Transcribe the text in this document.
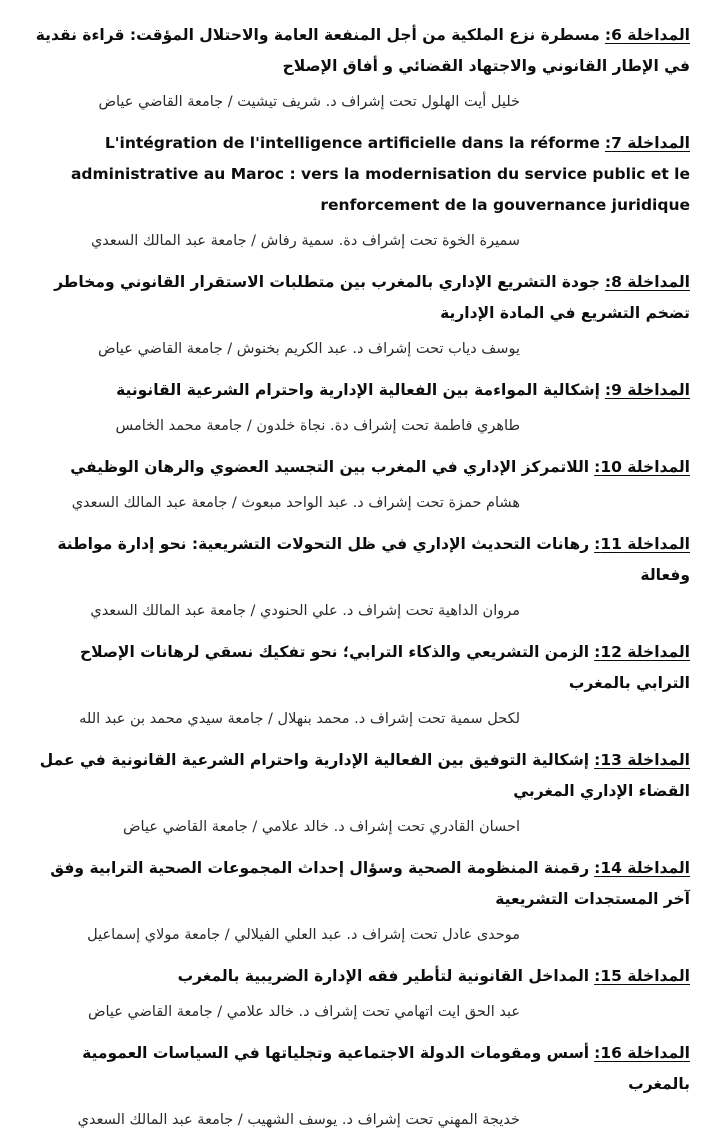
المداخلة 6:مسطرة نزع الملكية من أجل المنفعة العامة والاحتلال المؤقت: قراءة نقدية في الإطار القانوني والاجتهاد القضائي و أفاق الإصلاح

خليل أيت الهلول تحت إشراف د. شريف تيشيت / جامعة القاضي عياض

المداخلة 7:L'intégration de l'intelligence artificielle dans la réforme administrative au Maroc : vers la modernisation du service public et le renforcement de la gouvernance juridique

سميرة الخوة تحت إشراف دة. سمية رفاش / جامعة عبد المالك السعدي

المداخلة 8:جودة التشريع الإداري بالمغرب بين متطلبات الاستقرار القانوني ومخاطر تضخم التشريع في المادة الإدارية

يوسف دياب تحت إشراف د. عبد الكريم بخنوش / جامعة القاضي عياض

المداخلة 9:إشكالية المواءمة بين الفعالية الإدارية واحترام الشرعية القانونية

طاهري فاطمة تحت إشراف دة. نجاة خلدون / جامعة محمد الخامس

المداخلة 10:اللاتمركز الإداري في المغرب بين التجسيد العضوي والرهان الوظيفي

هشام حمزة تحت إشراف د. عبد الواحد مبعوث / جامعة عبد المالك السعدي

المداخلة 11:رهانات التحديث الإداري في ظل التحولات التشريعية: نحو إدارة مواطنة وفعالة

مروان الداهية تحت إشراف د. علي الحنودي / جامعة عبد المالك السعدي

المداخلة 12:الزمن التشريعي والذكاء الترابي؛ نحو تفكيك نسقي لرهانات الإصلاح الترابي بالمغرب

لكحل سمية تحت إشراف د. محمد بنهلال / جامعة سيدي محمد بن عبد الله

المداخلة 13:إشكالية التوفيق بين الفعالية الإدارية واحترام الشرعية القانونية في عمل القضاء الإداري المغربي

احسان القادري تحت إشراف د. خالد علامي / جامعة القاضي عياض

المداخلة 14:رقمنة المنظومة الصحية وسؤال إحداث المجموعات الصحية الترابية وفق آخر المستجدات التشريعية

موحدى عادل تحت إشراف د. عبد العلي الفيلالي / جامعة مولاي إسماعيل

المداخلة 15:المداخل القانونية لتأطير فقه الإدارة الضريبية بالمغرب

عبد الحق ايت اتهامي تحت إشراف د. خالد علامي / جامعة القاضي عياض

المداخلة 16:أسس ومقومات الدولة الاجتماعية وتجلياتها في السياسات العمومية بالمغرب

خديجة المهني تحت إشراف د. يوسف الشهيب / جامعة عبد المالك السعدي
